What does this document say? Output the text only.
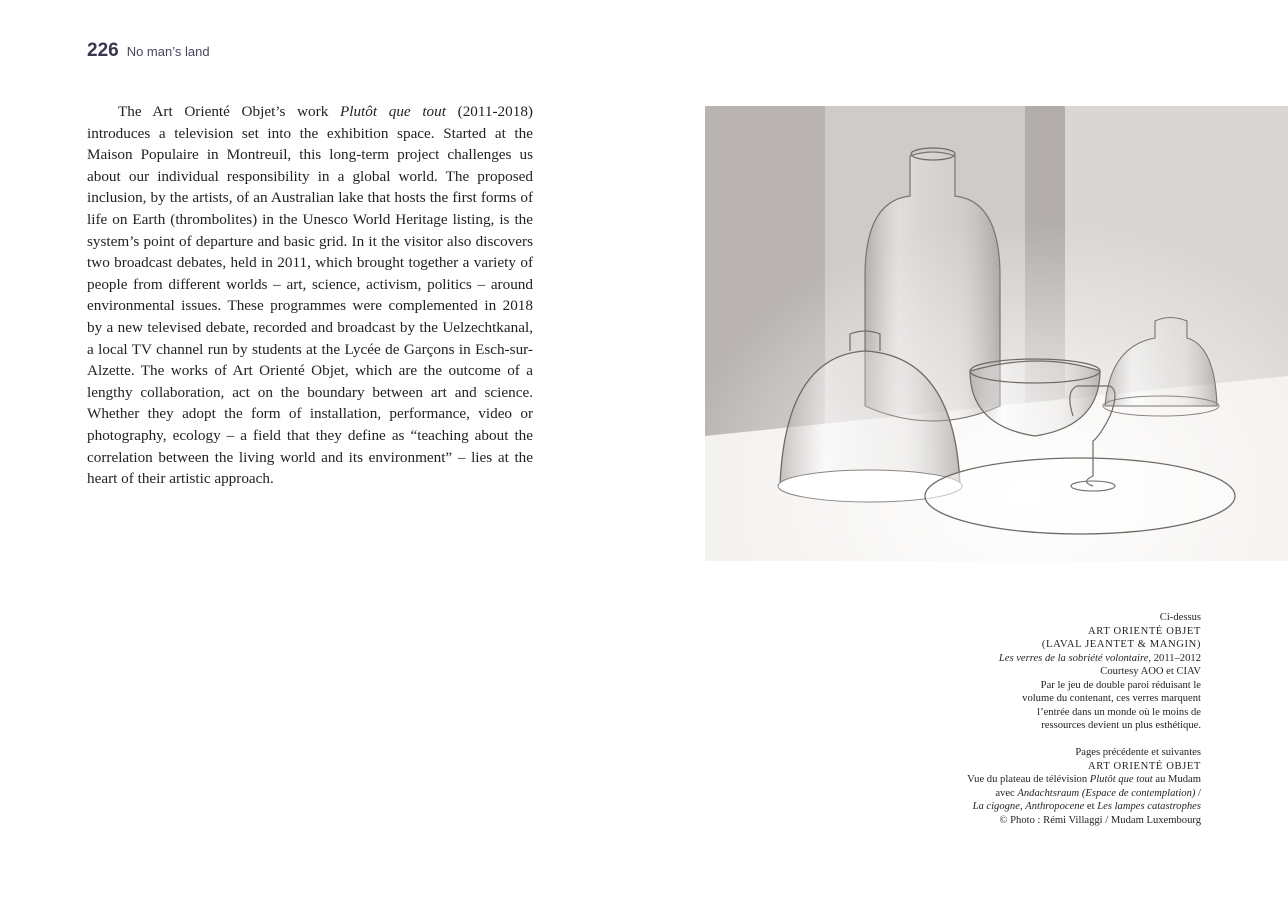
226 No man’s land

The Art Orienté Objet’s work Plutôt que tout (2011-2018) introduces a television set into the exhibition space. Started at the Maison Populaire in Montreuil, this long-term project challenges us about our individual responsibility in a global world. The proposed inclusion, by the artists, of an Australian lake that hosts the first forms of life on Earth (thrombolites) in the Unesco World Heritage listing, is the system’s point of departure and basic grid. In it the visitor also discovers two broadcast debates, held in 2011, which brought together a variety of people from different worlds – art, science, activism, politics – around environmental issues. These programmes were complemented in 2018 by a new televised debate, recorded and broadcast by the Uelzechtkanal, a local TV channel run by students at the Lycée de Garçons in Esch-sur-Alzette. The works of Art Orienté Objet, which are the outcome of a lengthy collaboration, act on the boundary between art and science. Whether they adopt the form of installation, performance, video or photography, ecology – a field that they define as “teaching about the correlation between the living world and its environment” – lies at the heart of their artistic approach.

Ci-dessus
ART ORIENTÉ OBJET
(LAVAL JEANTET & MANGIN)
Les verres de la sobriété volontaire, 2011–2012
Courtesy AOO et CIAV
Par le jeu de double paroi réduisant le
volume du contenant, ces verres marquent
l’entrée dans un monde où le moins de
ressources devient un plus esthétique.
Pages précédente et suivantes
ART ORIENTÉ OBJET
Vue du plateau de télévision Plutôt que tout au Mudam
avec Andachtsraum (Espace de contemplation) /
La cigogne, Anthropocene et Les lampes catastrophes
© Photo : Rémi Villaggi / Mudam Luxembourg
